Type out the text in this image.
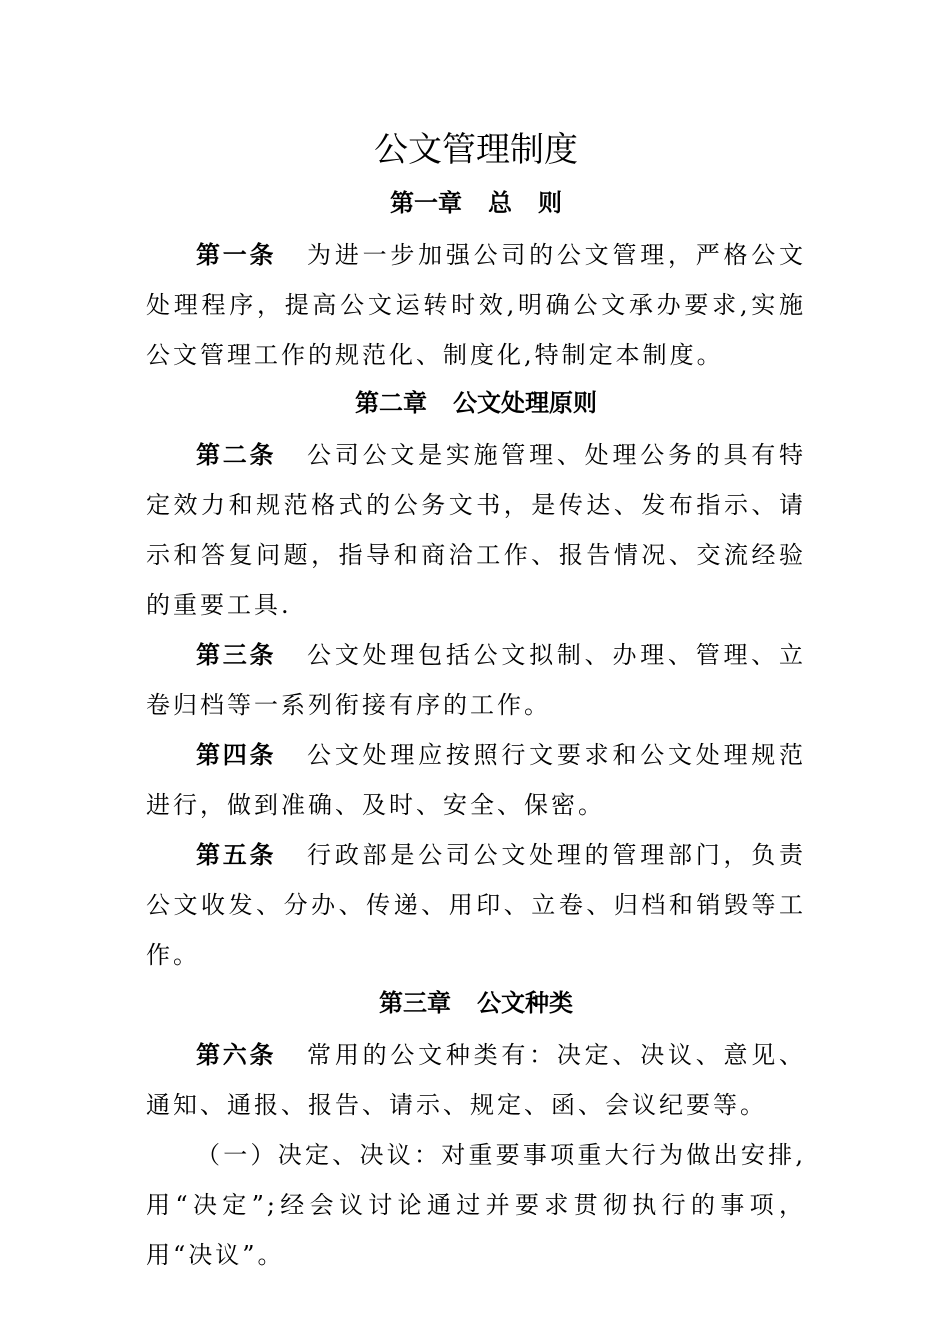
公文管理制度
第一章 总 则

第一条 为进一步加强公司的公文管理，严格公文处理程序，提高公文运转时效,明确公文承办要求,实施公文管理工作的规范化、制度化,特制定本制度。

第二章 公文处理原则

第二条 公司公文是实施管理、处理公务的具有特定效力和规范格式的公务文书，是传达、发布指示、请示和答复问题，指导和商洽工作、报告情况、交流经验的重要工具.

第三条 公文处理包括公文拟制、办理、管理、立卷归档等一系列衔接有序的工作。

第四条 公文处理应按照行文要求和公文处理规范进行，做到准确、及时、安全、保密。

第五条 行政部是公司公文处理的管理部门，负责公文收发、分办、传递、用印、立卷、归档和销毁等工作。

第三章 公文种类

第六条 常用的公文种类有：决定、决议、意见、通知、通报、报告、请示、规定、函、会议纪要等。

（一）决定、决议：对重要事项重大行为做出安排,用“决定”;经会议讨论通过并要求贯彻执行的事项，用“决议”。
